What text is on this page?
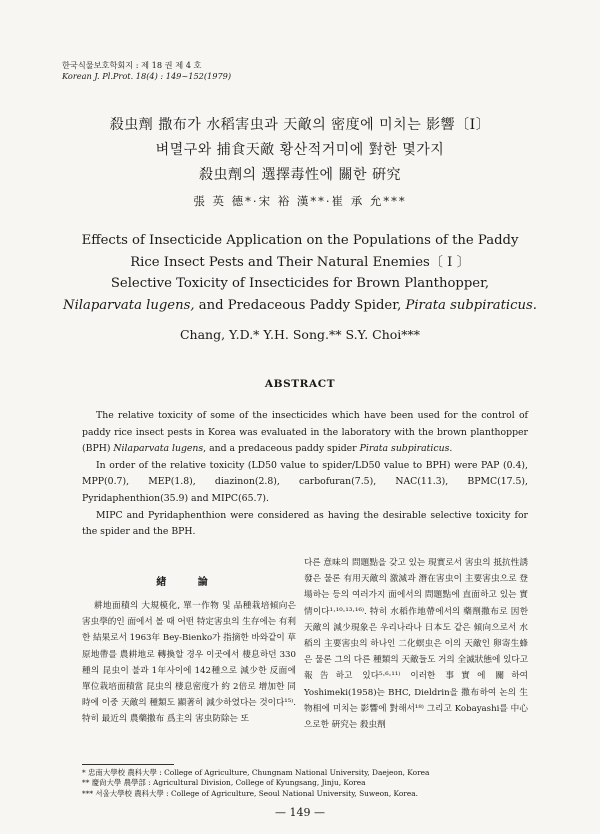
한국식물보호학회지 : 제 18 권 제 4 호
Korean J. Pl.Prot. 18(4) : 149~152(1979)
殺虫劑 撒布가 水稻害虫과 天敵의 密度에 미치는 影響〔I〕
벼멸구와 捕食天敵 황산적거미에 對한 몇가지
殺虫劑의 選擇毒性에 關한 硏究
張 英 德*·宋 裕 漢**·崔 承 允***
Effects of Insecticide Application on the Populations of the Paddy
Rice Insect Pests and Their Natural Enemies〔 I 〕
Selective Toxicity of Insecticides for Brown Planthopper,
Nilaparvata lugens, and Predaceous Paddy Spider, Pirata subpiraticus.
Chang, Y.D.* Y.H. Song.** S.Y. Choi***
ABSTRACT

The relative toxicity of some of the insecticides which have been used for the control of paddy rice insect pests in Korea was evaluated in the laboratory with the brown planthopper (BPH) Nilaparvata lugens, and a predaceous paddy spider Pirata subpiraticus.

In order of the relative toxicity (LD50 value to spider/LD50 value to BPH) were PAP (0.4), MPP(0.7), MEP(1.8), diazinon(2.8), carbofuran(7.5), NAC(11.3), BPMC(17.5), Pyridaphenthion(35.9) and MIPC(65.7).

MIPC and Pyridaphenthion were considered as having the desirable selective toxicity for the spider and the BPH.

緖 論

耕地面積의 大規模化, 單一作物 및 品種栽培傾向은 害虫學的인 面에서 볼 때 어떤 特定害虫의 生存에는 有利한 結果로서 1963年 Bey-Bienko가 指摘한 바와같이 草原地帶를 農耕地로 轉換할 경우 이곳에서 棲息하던 330種의 昆虫이 불과 1年사이에 142種으로 減少한 反面에 單位栽培面積當 昆虫의 棲息密度가 約 2倍로 增加한 同時에 이중 天敵의 種類도 顯著히 減少하였다는 것이다¹⁵⁾. 特히 最近의 農藥撒布 爲主의 害虫防除는 또

다른 意味의 問題點을 갖고 있는 現實로서 害虫의 抵抗性誘發은 물론 有用天敵의 激減과 潛在害虫이 主要害虫으로 登場하는 등의 여러가지 面에서의 問題點에 直面하고 있는 實情이다¹·¹⁰·¹³·¹⁶⁾. 特히 水稻作地帶에서의 藥劑撒布로 因한 天敵의 減少現象은 우리나라나 日本도 같은 傾向으로서 水稻의 主要害虫의 하나인 二化螟虫은 이의 天敵인 卵寄生蜂은 물론 그의 다른 種類의 天敵들도 거의 全滅狀態에 있다고 報告하고 있다⁵·⁶·¹¹⁾ 이러한 事實에 關하여 Yoshimeki(1958)는 BHC, Dieldrin을 撒布하여 논의 生物相에 미치는 影響에 對해서¹⁸⁾ 그리고 Kobayashi를 中心으로한 硏究는 殺虫劑

* 忠南大學校 農科大學 : College of Agriculture, Chungnam National University, Daejeon, Korea
** 慶尙大學 農學部 : Agricultural Division, College of Kyungsang, Jinju, Korea
*** 서울大學校 農科大學 : College of Agriculture, Seoul National University, Suweon, Korea.
— 149 —
